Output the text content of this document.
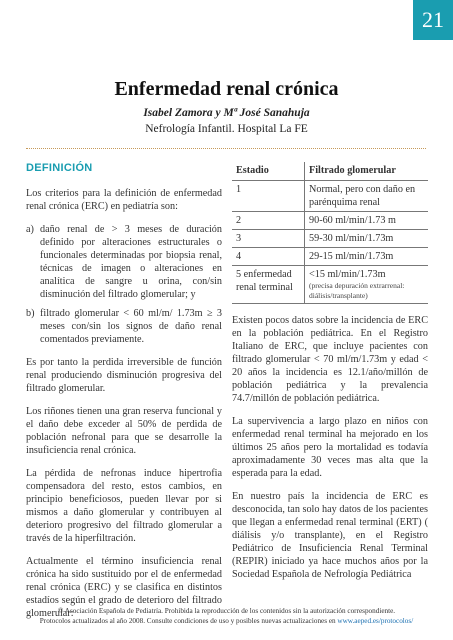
21
Enfermedad renal crónica

Isabel Zamora y Mª José Sanahuja

Nefrología Infantil. Hospital La FE

DEFINICIÓN

Los criterios para la definición de enfermedad renal crónica (ERC) en pediatría son:

a) daño renal de > 3 meses de duración definido por alteraciones estructurales o funcionales determinadas por biopsia renal, técnicas de imagen o alteraciones en analítica de sangre u orina, con/sin disminución del filtrado glomerular; y
b) filtrado glomerular < 60 ml/m/ 1.73m ≥ 3 meses con/sin los signos de daño renal comentados previamente.

Es por tanto la perdida irreversible de función renal produciendo disminución progresiva del filtrado glomerular.

Los riñones tienen una gran reserva funcional y el daño debe exceder al 50% de perdida de población nefronal para que se desarrolle la insuficiencia renal crónica.

La pérdida de nefronas induce hipertrofia compensadora del resto, estos cambios, en principio beneficiosos, pueden llevar por si mismos a daño glomerular y contribuyen al deterioro progresivo del filtrado glomerular a través de la hiperfiltración.

Actualmente el término insuficiencia renal crónica ha sido sustituido por el de enfermedad renal crónica (ERC) y se clasifica en distintos estadíos según el grado de deterioro del filtrado glomerular:

Estadio	Filtrado glomerular
1	Normal, pero con daño en parénquima renal
2	90-60 ml/min/1.73 m
3	59-30 ml/min/1.73m
4	29-15 ml/min/1.73m
5 enfermedad renal terminal	<15 ml/min/1.73m
(precisa depuración extrarrenal: diálisis/transplante)

Existen pocos datos sobre la incidencia de ERC en la población pediátrica. En el Registro Italiano de ERC, que incluye pacientes con filtrado glomerular < 70 ml/m/1.73m y edad < 20 años la incidencia es 12.1/año/millón de población pediátrica y la prevalencia 74.7/millón de población pediátrica.

La supervivencia a largo plazo en niños con enfermedad renal terminal ha mejorado en los últimos 25 años pero la mortalidad es todavía aproximadamente 30 veces mas alta que la esperada para la edad.

En nuestro país la incidencia de ERC es desconocida, tan solo hay datos de los pacientes que llegan a enfermedad renal terminal (ERT) ( diálisis y/o transplante), en el Registro Pediátrico de Insuficiencia Renal Terminal (REPIR) iniciado ya hace muchos años por la Sociedad Española de Nefrología Pediátrica

© Asociación Española de Pediatría. Prohibida la reproducción de los contenidos sin la autorización correspondiente.
Protocolos actualizados al año 2008. Consulte condiciones de uso y posibles nuevas actualizaciones en www.aeped.es/protocolos/
